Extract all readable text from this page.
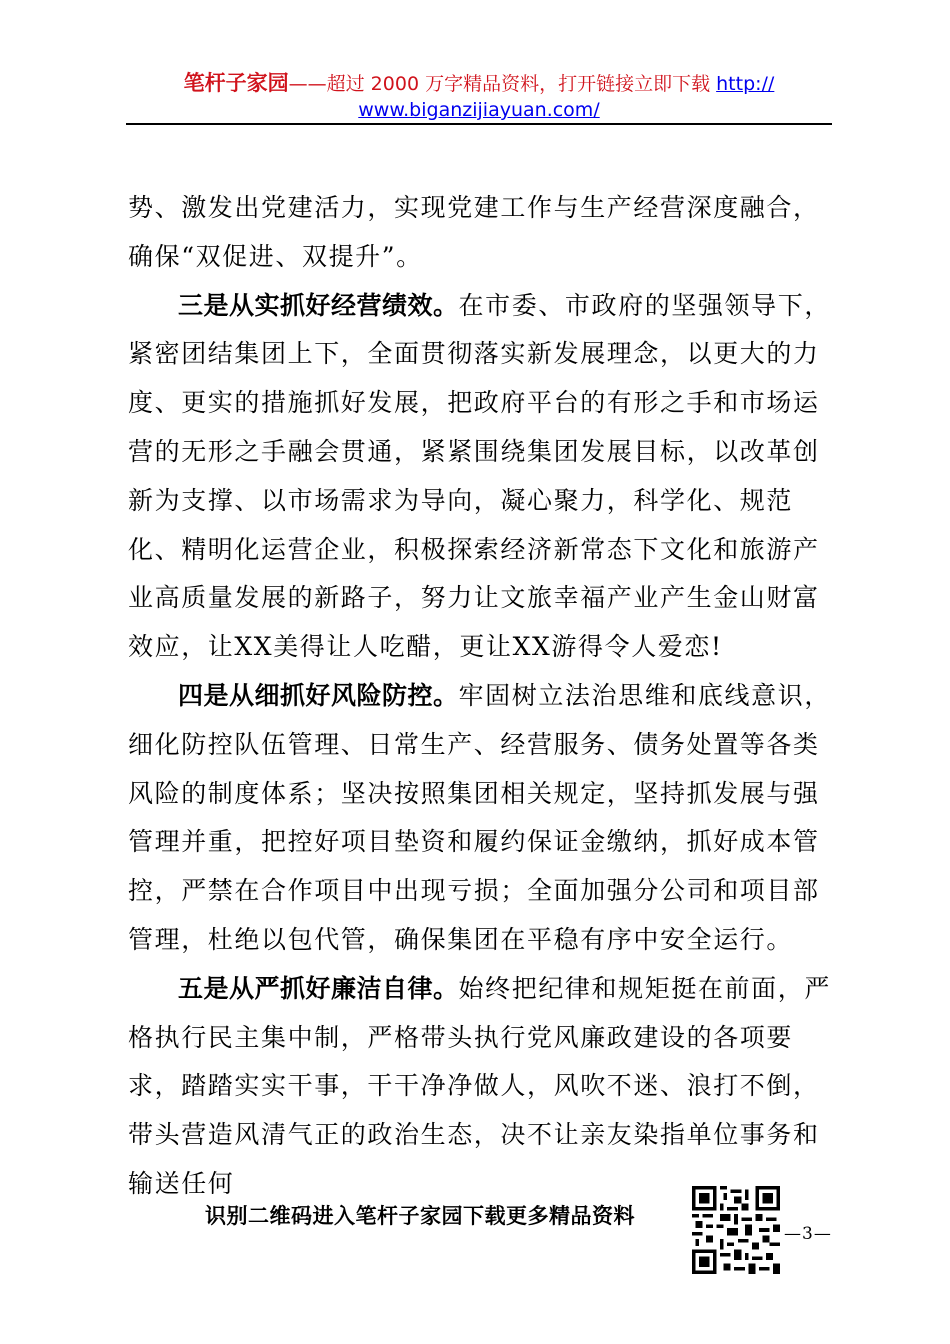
笔杆子家园——超过 2000 万字精品资料，打开链接立即下载 http://
www.biganzijiayuan.com/

势、激发出党建活力，实现党建工作与生产经营深度融合，确保“双促进、双提升”。

三是从实抓好经营绩效。在市委、市政府的坚强领导下，紧密团结集团上下，全面贯彻落实新发展理念，以更大的力度、更实的措施抓好发展，把政府平台的有形之手和市场运营的无形之手融会贯通，紧紧围绕集团发展目标，以改革创新为支撑、以市场需求为导向，凝心聚力，科学化、规范化、精明化运营企业，积极探索经济新常态下文化和旅游产业高质量发展的新路子，努力让文旅幸福产业产生金山财富效应，让XX美得让人吃醋，更让XX游得令人爱恋!

四是从细抓好风险防控。牢固树立法治思维和底线意识，细化防控队伍管理、日常生产、经营服务、债务处置等各类风险的制度体系；坚决按照集团相关规定，坚持抓发展与强管理并重，把控好项目垫资和履约保证金缴纳，抓好成本管控，严禁在合作项目中出现亏损；全面加强分公司和项目部管理，杜绝以包代管，确保集团在平稳有序中安全运行。

五是从严抓好廉洁自律。始终把纪律和规矩挺在前面，严格执行民主集中制，严格带头执行党风廉政建设的各项要求，踏踏实实干事，干干净净做人，风吹不迷、浪打不倒，带头营造风清气正的政治生态，决不让亲友染指单位事务和输送任何

识别二维码进入笔杆子家园下载更多精品资料
—3—
